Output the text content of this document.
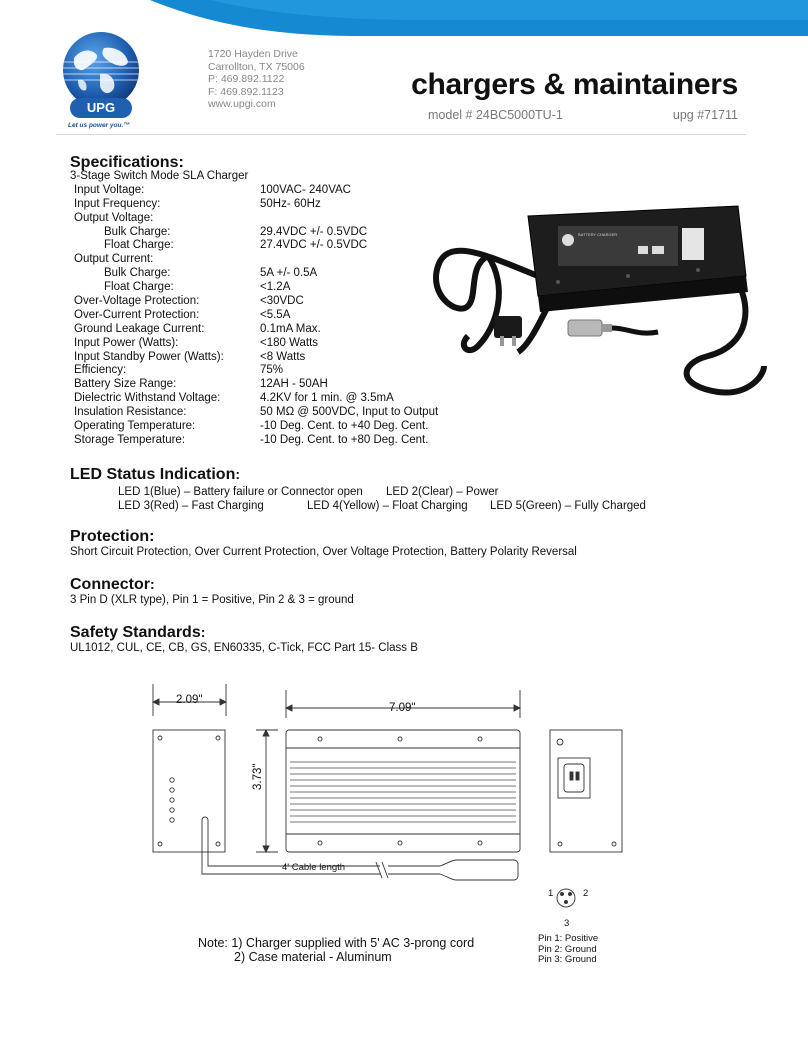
UPG
Let us power you.™
1720 Hayden Drive
Carrollton, TX 75006
P: 469.892.1122
F: 469.892.1123
www.upgi.com
chargers & maintainers
model # 24BC5000TU-1	upg #71711
Specifications:
3-Stage Switch Mode SLA Charger
Input Voltage:	100VAC- 240VAC
Input Frequency:	50Hz- 60Hz
Output Voltage:
Bulk Charge:	29.4VDC +/- 0.5VDC
Float Charge:	27.4VDC +/- 0.5VDC
Output Current:
Bulk Charge:	5A +/- 0.5A
Float Charge:	<1.2A
Over-Voltage Protection:	<30VDC
Over-Current Protection:	<5.5A
Ground Leakage Current:	0.1mA Max.
Input Power (Watts):	<180 Watts
Input Standby Power (Watts):	<8 Watts
Efficiency:	75%
Battery Size Range:	12AH - 50AH
Dielectric Withstand Voltage:	4.2KV for 1 min. @ 3.5mA
Insulation Resistance:	50 MΩ @ 500VDC, Input to Output
Operating Temperature:	-10 Deg. Cent. to +40 Deg. Cent.
Storage Temperature:	-10 Deg. Cent. to +80 Deg. Cent.
BATTERY CHARGER
LED Status Indication:
LED 1(Blue) – Battery failure or Connector open LED 2(Clear) – Power
LED 3(Red) – Fast Charging	LED 4(Yellow) – Float Charging LED 5(Green) – Fully Charged
Protection:
Short Circuit Protection, Over Current Protection, Over Voltage Protection, Battery Polarity Reversal
Connector:
3 Pin D (XLR type), Pin 1 = Positive, Pin 2 & 3 = ground
Safety Standards:
UL1012, CUL, CE, CB, GS, EN60335, C-Tick, FCC Part 15- Class B
2.09"
7.09"
3.73"
4' Cable length
1	2
3
Note: 1) Charger supplied with 5' AC 3-prong cord
2) Case material - Aluminum
Pin 1: Positive
Pin 2: Ground
Pin 3: Ground
